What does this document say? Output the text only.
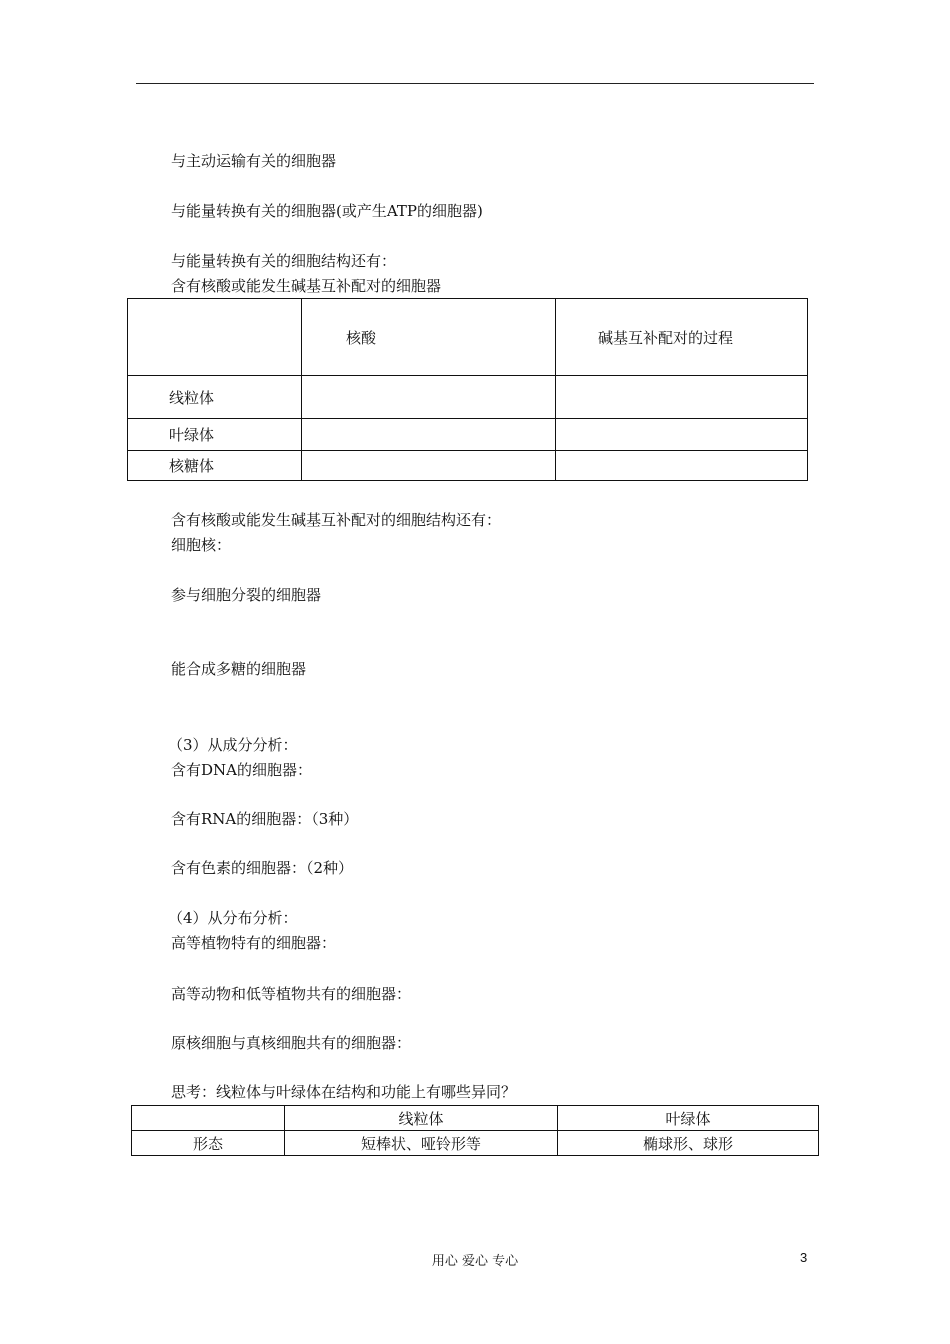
与主动运输有关的细胞器
与能量转换有关的细胞器(或产生ATP的细胞器)
与能量转换有关的细胞结构还有：
含有核酸或能发生碱基互补配对的细胞器
	核酸	碱基互补配对的过程
线粒体		
叶绿体		
核糖体		
含有核酸或能发生碱基互补配对的细胞结构还有：
细胞核：
参与细胞分裂的细胞器
能合成多糖的细胞器
（3）从成分分析：
含有DNA的细胞器：
含有RNA的细胞器：（3种）
含有色素的细胞器：（2种）
（4）从分布分析：
高等植物特有的细胞器：
高等动物和低等植物共有的细胞器：
原核细胞与真核细胞共有的细胞器：
思考：线粒体与叶绿体在结构和功能上有哪些异同？
	线粒体	叶绿体
形态	短棒状、哑铃形等	椭球形、球形
用心 爱心 专心	3
